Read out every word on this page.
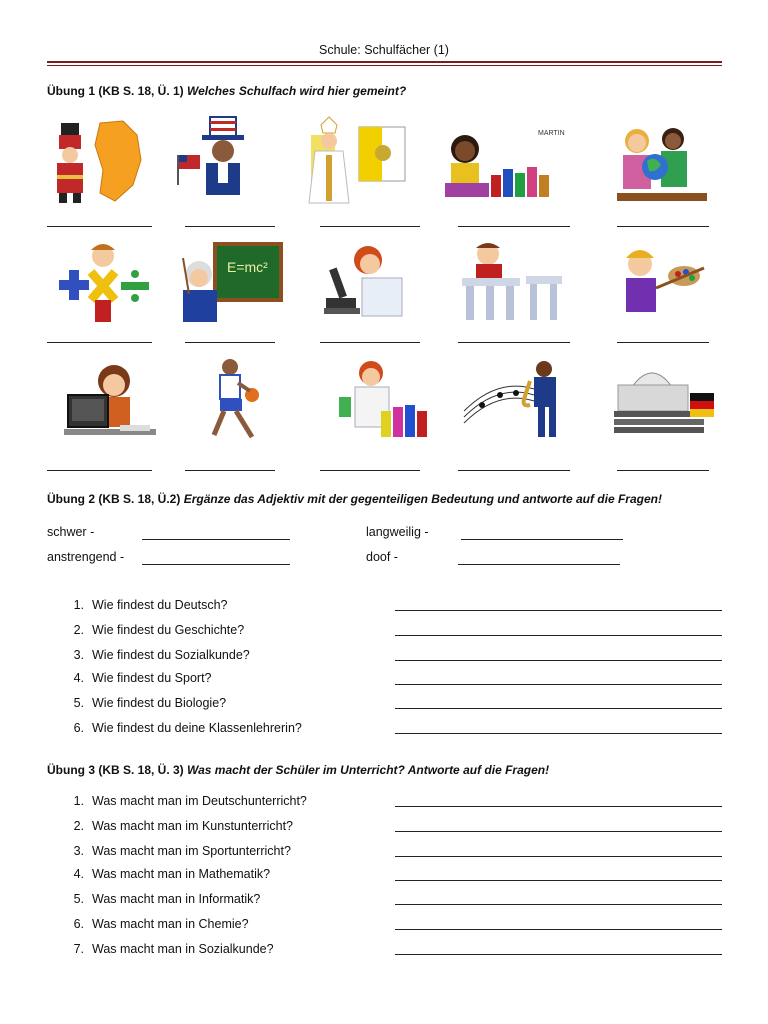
Schule: Schulfächer (1)
Übung 1 (KB S. 18, Ü. 1) Welches Schulfach wird hier gemeint?
MARTIN
E=mc²
Übung 2 (KB S. 18, Ü.2) Ergänze das Adjektiv mit der gegenteiligen Bedeutung und antworte auf die Fragen!
schwer -
anstrengend -
langweilig -
doof -
1. Wie findest du Deutsch?
2. Wie findest du Geschichte?
3. Wie findest du Sozialkunde?
4. Wie findest du Sport?
5. Wie findest du Biologie?
6. Wie findest du deine Klassenlehrerin?
Übung 3 (KB S. 18, Ü. 3) Was macht der Schüler im Unterricht? Antworte auf die Fragen!
1. Was macht man im Deutschunterricht?
2. Was macht man im Kunstunterricht?
3. Was macht man im Sportunterricht?
4. Was macht man in Mathematik?
5. Was macht man in Informatik?
6. Was macht man in Chemie?
7. Was macht man in Sozialkunde?
